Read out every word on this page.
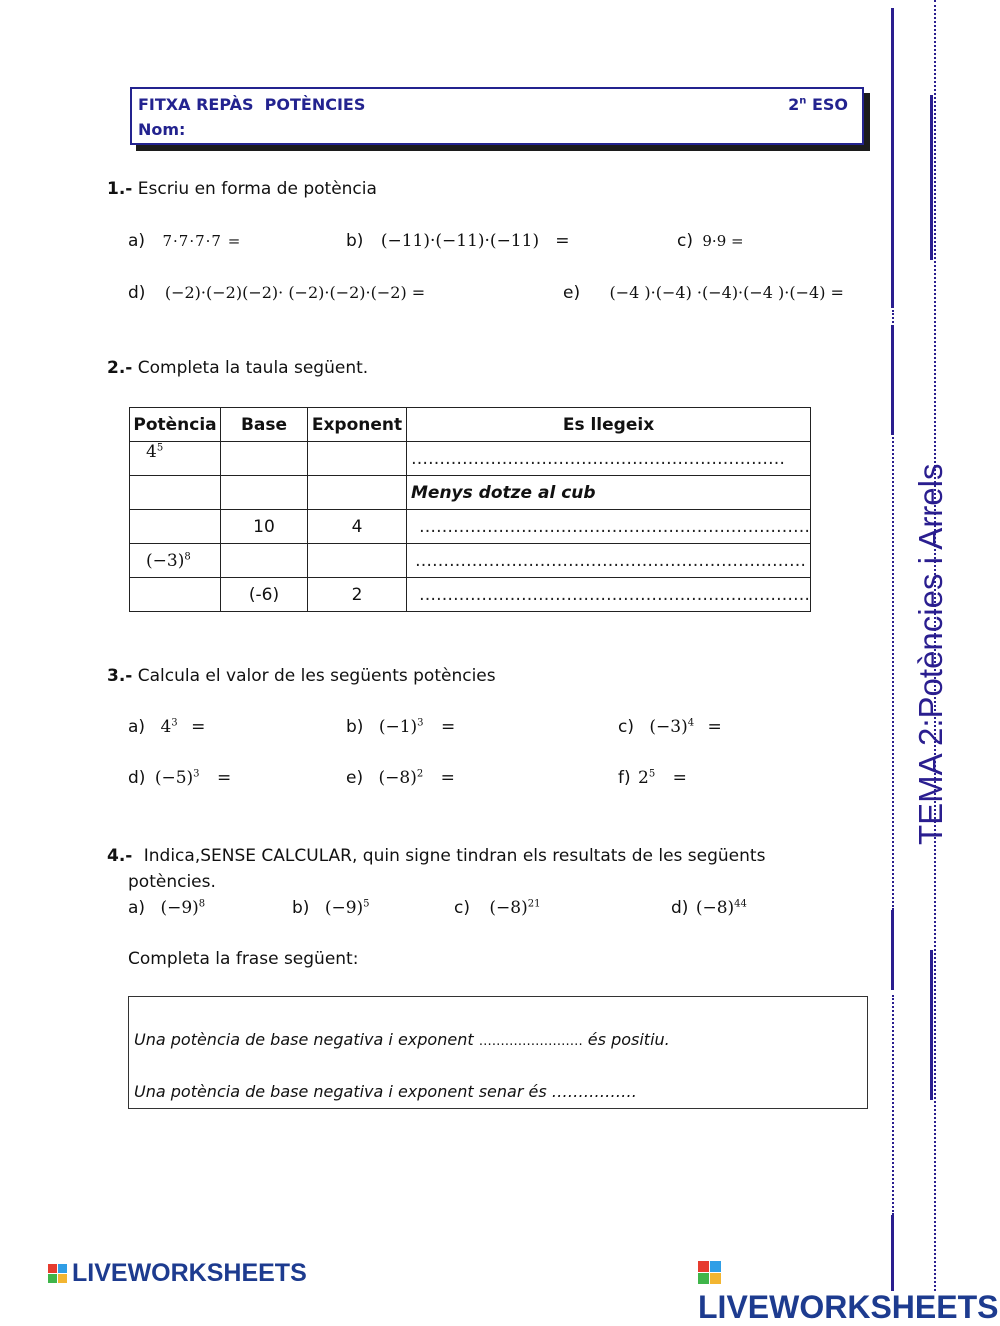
FITXA REPÀS  POTÈNCIES	2$^n$ ESO
Nom:
1.- Escriu en forma de potència
a) 7·7·7·7 =	b) (−11)·(−11)·(−11)   =	c) 9·9 =
d) (−2)·(−2)(−2)· (−2)·(−2)·(−2) =	e) (−4 )·(−4) ·(−4)·(−4 )·(−4) =
2.- Completa la taula següent.
Potència	Base	Exponent	Es llegeix
$4^5$			…………………………………………………………
			Menys dotze al cub
	10	4	……………………………………………………………
$(-3)^8$			……………………………………………………………
	(-6)	2	……………………………………………………………
3.- Calcula el valor de les següents potències
a) $4^3$ =	b) $(-1)^3$ =	c) $(-3)^4$ =
d) $(-5)^3$ =	e) $(-8)^2$ =	f) $2^5$ =
4.- Indica,SENSE CALCULAR, quin signe tindran els resultats de les següents
potències.
a) $(-9)^8$	b) $(-9)^5$	c) $(-8)^{21}$	d) $(-8)^{44}$
Completa la frase següent:
Una potència de base negativa i exponent …………………… és positiu.
Una potència de base negativa i exponent senar és …………….
TEMA 2:Potències i Arrels
LIVEWORKSHEETS
LIVEWORKSHEETS
